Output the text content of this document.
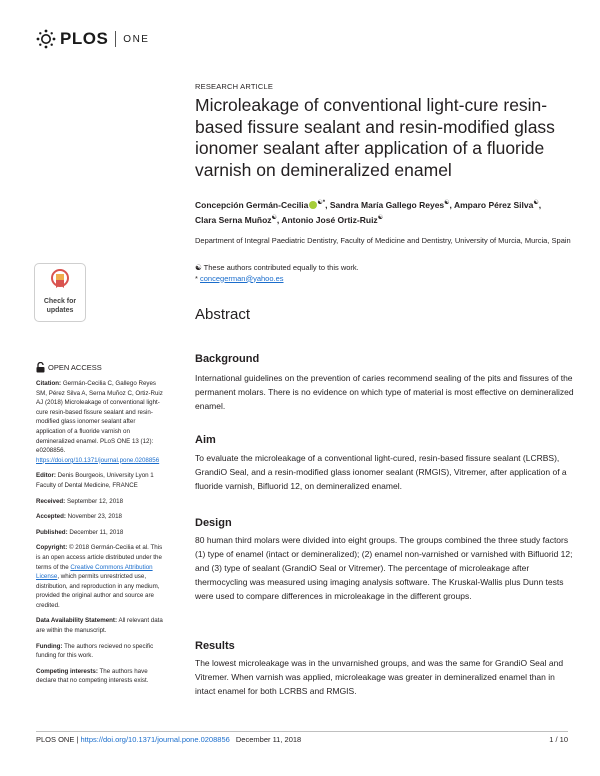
PLOS ONE
Check for
updates
RESEARCH ARTICLE
Microleakage of conventional light-cure resin-based fissure sealant and resin-modified glass ionomer sealant after application of a fluoride varnish on demineralized enamel
Concepción Germán-Cecilia ☯*, Sandra María Gallego Reyes☯, Amparo Pérez Silva☯,
Clara Serna Muñoz☯, Antonio José Ortiz-Ruiz☯
Department of Integral Paediatric Dentistry, Faculty of Medicine and Dentistry, University of Murcia, Murcia, Spain
☯ These authors contributed equally to this work.
* concegerman@yahoo.es
Abstract
Background

International guidelines on the prevention of caries recommend sealing of the pits and fissures of the permanent molars. There is no evidence on which type of material is most effective on demineralized enamel.

Aim

To evaluate the microleakage of a conventional light-cured, resin-based fissure sealant (LCRBS), GrandiO Seal, and a resin-modified glass ionomer sealant (RMGIS), Vitremer, after application of a fluoride varnish, Bifluorid 12, on demineralized enamel.

Design

80 human third molars were divided into eight groups. The groups combined the three study factors (1) type of enamel (intact or demineralized); (2) enamel non-varnished or varnished with Bifluorid 12; and (3) type of sealant (GrandiO Seal or Vitremer). The percentage of microleakage after thermocycling was measured using imaging analysis software. The Kruskal-Wallis plus Dunn tests were used to compare differences in microleakage in the different groups.

Results

The lowest microleakage was in the unvarnished groups, and was the same for GrandiO Seal and Vitremer. When varnish was applied, microleakage was greater in demineralized enamel than in intact enamel for both LCRBS and RMGIS.

OPEN ACCESS

Citation: Germán-Cecilia C, Gallego Reyes SM, Pérez Silva A, Serna Muñoz C, Ortiz-Ruiz AJ (2018) Microleakage of conventional light-cure resin-based fissure sealant and resin-modified glass ionomer sealant after application of a fluoride varnish on demineralized enamel. PLoS ONE 13 (12): e0208856. https://doi.org/10.1371/journal.pone.0208856

Editor: Denis Bourgeois, University Lyon 1 Faculty of Dental Medicine, FRANCE

Received: September 12, 2018

Accepted: November 23, 2018

Published: December 11, 2018

Copyright: © 2018 Germán-Cecilia et al. This is an open access article distributed under the terms of the Creative Commons Attribution License, which permits unrestricted use, distribution, and reproduction in any medium, provided the original author and source are credited.

Data Availability Statement: All relevant data are within the manuscript.

Funding: The authors recieved no specific funding for this work.

Competing interests: The authors have declare that no competing interests exist.

PLOS ONE | https://doi.org/10.1371/journal.pone.0208856 December 11, 2018	1 / 10
